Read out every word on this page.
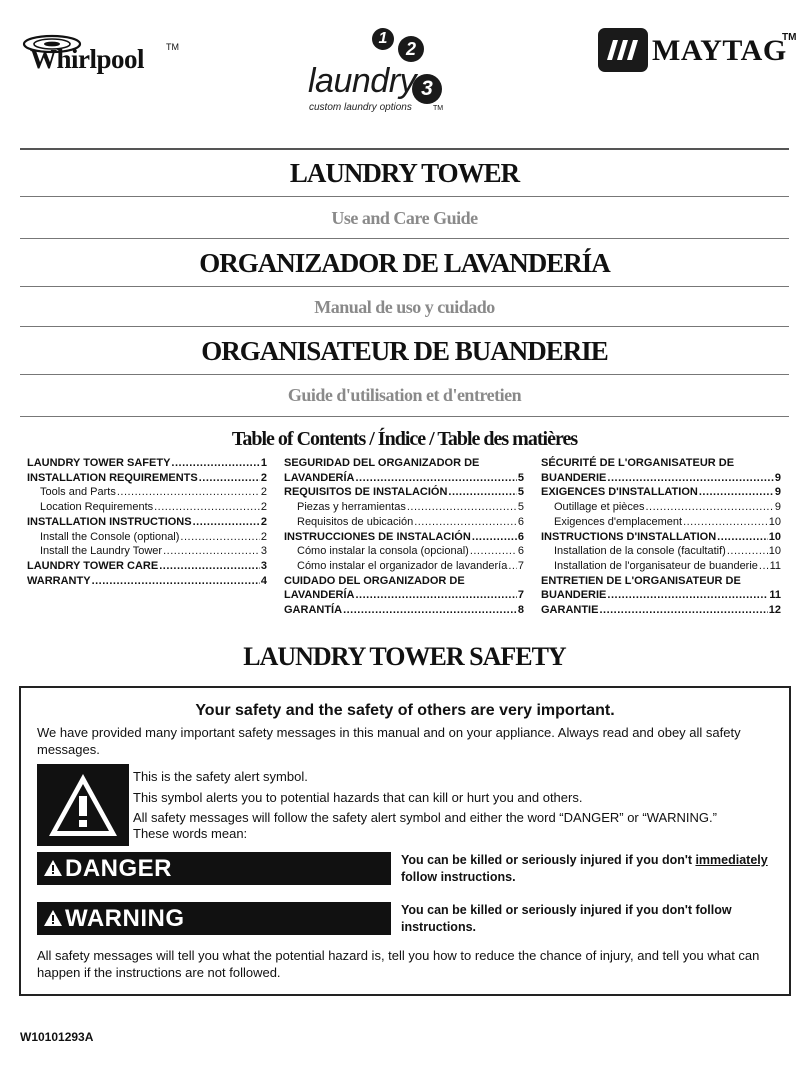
Whirlpool TM	1
2
3
laundry
custom laundry options	TM
MAYTAG
TM
LAUNDRY TOWER
Use and Care Guide
ORGANIZADOR DE LAVANDERÍA
Manual de uso y cuidado
ORGANISATEUR DE BUANDERIE
Guide d'utilisation et d'entretien
Table of Contents / Índice / Table des matières
LAUNDRY TOWER SAFETY .....	1
INSTALLATION REQUIREMENTS .....	2
Tools and Parts .....	2
Location Requirements .....	2
INSTALLATION INSTRUCTIONS .....	2
Install the Console (optional) .....	2
Install the Laundry Tower .....	3
LAUNDRY TOWER CARE .....	3
WARRANTY .....	4
SEGURIDAD DEL ORGANIZADOR DE
LAVANDERÍA .....	5
REQUISITOS DE INSTALACIÓN .....	5
Piezas y herramientas .....	5
Requisitos de ubicación .....	6
INSTRUCCIONES DE INSTALACIÓN .....	6
Cómo instalar la consola (opcional) .....	6
Cómo instalar el organizador de lavandería ..... 7
CUIDADO DEL ORGANIZADOR DE
LAVANDERÍA .....	7
GARANTÍA .....	8
SÉCURITÉ DE L'ORGANISATEUR DE
BUANDERIE .....	9
EXIGENCES D'INSTALLATION .....	9
Outillage et pièces .....	9
Exigences d'emplacement .....	10
INSTRUCTIONS D'INSTALLATION .....	10
Installation de la console (facultatif) .....	10
Installation de l'organisateur de buanderie ..... 11
ENTRETIEN DE L'ORGANISATEUR DE
BUANDERIE .....	11
GARANTIE .....	12
LAUNDRY TOWER SAFETY
Your safety and the safety of others are very important.
We have provided many important safety messages in this manual and on your appliance. Always read and obey all safety messages.
This is the safety alert symbol.
This symbol alerts you to potential hazards that can kill or hurt you and others.
All safety messages will follow the safety alert symbol and either the word “DANGER” or “WARNING.”
These words mean:
DANGER	You can be killed or seriously injured if you don't immediately
follow instructions.
WARNING	You can be killed or seriously injured if you don't follow instructions.
All safety messages will tell you what the potential hazard is, tell you how to reduce the chance of injury, and tell you what can happen if the instructions are not followed.
W10101293A
